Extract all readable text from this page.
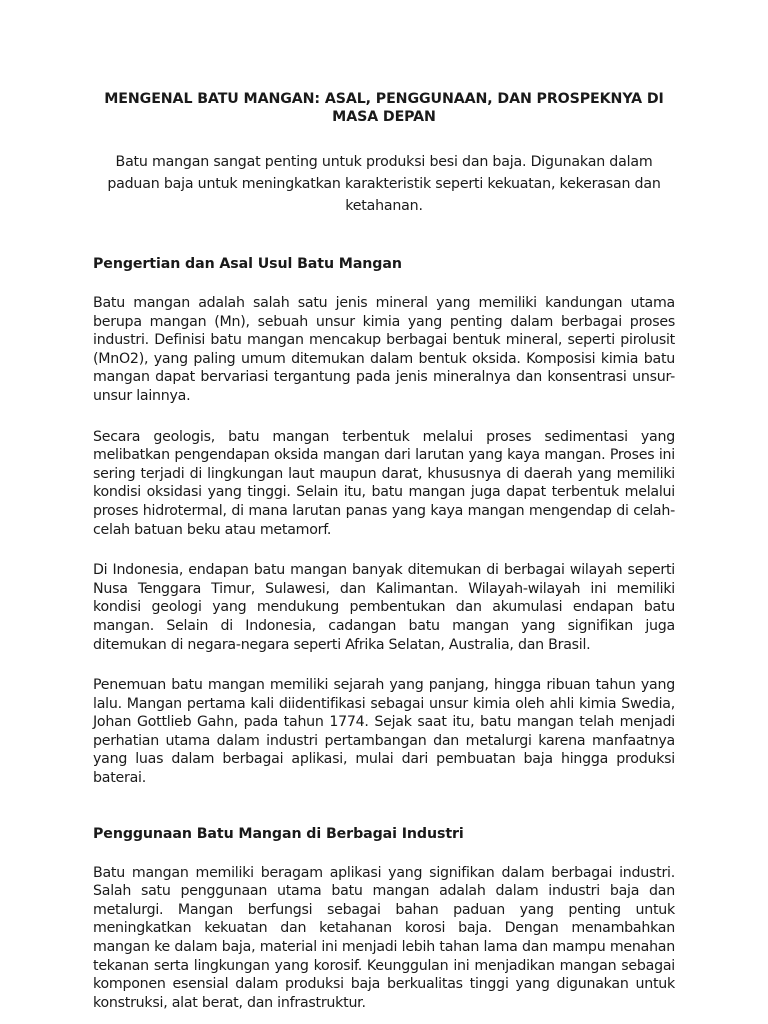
MENGENAL BATU MANGAN: ASAL, PENGGUNAAN, DAN PROSPEKNYA DI MASA DEPAN

Batu mangan sangat penting untuk produksi besi dan baja. Digunakan dalam paduan baja untuk meningkatkan karakteristik seperti kekuatan, kekerasan dan ketahanan.

Pengertian dan Asal Usul Batu Mangan

Batu mangan adalah salah satu jenis mineral yang memiliki kandungan utama berupa mangan (Mn), sebuah unsur kimia yang penting dalam berbagai proses industri. Definisi batu mangan mencakup berbagai bentuk mineral, seperti pirolusit (MnO2), yang paling umum ditemukan dalam bentuk oksida. Komposisi kimia batu mangan dapat bervariasi tergantung pada jenis mineralnya dan konsentrasi unsur-unsur lainnya.

Secara geologis, batu mangan terbentuk melalui proses sedimentasi yang melibatkan pengendapan oksida mangan dari larutan yang kaya mangan. Proses ini sering terjadi di lingkungan laut maupun darat, khususnya di daerah yang memiliki kondisi oksidasi yang tinggi. Selain itu, batu mangan juga dapat terbentuk melalui proses hidrotermal, di mana larutan panas yang kaya mangan mengendap di celah-celah batuan beku atau metamorf.

Di Indonesia, endapan batu mangan banyak ditemukan di berbagai wilayah seperti Nusa Tenggara Timur, Sulawesi, dan Kalimantan. Wilayah-wilayah ini memiliki kondisi geologi yang mendukung pembentukan dan akumulasi endapan batu mangan. Selain di Indonesia, cadangan batu mangan yang signifikan juga ditemukan di negara-negara seperti Afrika Selatan, Australia, dan Brasil.

Penemuan batu mangan memiliki sejarah yang panjang, hingga ribuan tahun yang lalu. Mangan pertama kali diidentifikasi sebagai unsur kimia oleh ahli kimia Swedia, Johan Gottlieb Gahn, pada tahun 1774. Sejak saat itu, batu mangan telah menjadi perhatian utama dalam industri pertambangan dan metalurgi karena manfaatnya yang luas dalam berbagai aplikasi, mulai dari pembuatan baja hingga produksi baterai.

Penggunaan Batu Mangan di Berbagai Industri

Batu mangan memiliki beragam aplikasi yang signifikan dalam berbagai industri. Salah satu penggunaan utama batu mangan adalah dalam industri baja dan metalurgi. Mangan berfungsi sebagai bahan paduan yang penting untuk meningkatkan kekuatan dan ketahanan korosi baja. Dengan menambahkan mangan ke dalam baja, material ini menjadi lebih tahan lama dan mampu menahan tekanan serta lingkungan yang korosif. Keunggulan ini menjadikan mangan sebagai komponen esensial dalam produksi baja berkualitas tinggi yang digunakan untuk konstruksi, alat berat, dan infrastruktur.
